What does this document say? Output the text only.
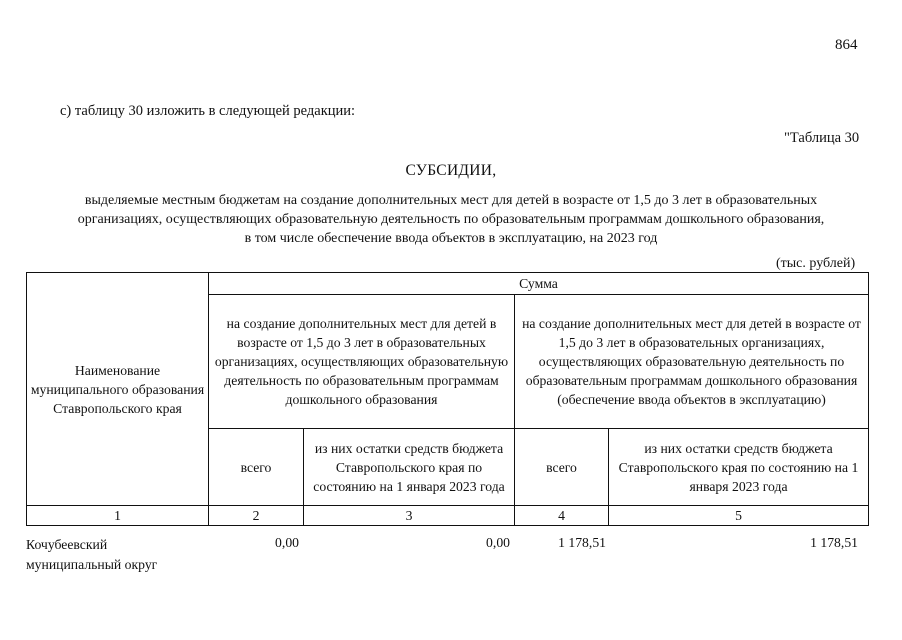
864
с) таблицу 30 изложить в следующей редакции:
"Таблица 30
СУБСИДИИ,
выделяемые местным бюджетам на создание дополнительных мест для детей в возрасте от 1,5 до 3 лет в образовательных
организациях, осуществляющих образовательную деятельность по образовательным программам дошкольного образования,
в том числе обеспечение ввода объектов в эксплуатацию, на 2023 год
(тыс. рублей)
Наименование муниципального образования Ставропольского края	Сумма			
	на создание дополнительных мест для детей в возрасте от 1,5 до 3 лет в образовательных организациях, осуществляющих образовательную деятельность по образовательным программам дошкольного образования		на создание дополнительных мест для детей в возрасте от 1,5 до 3 лет в образовательных организациях, осуществляющих образовательную деятельность по образовательным программам дошкольного образования (обеспечение ввода объектов в эксплуатацию)	
	всего	из них остатки средств бюджета Ставропольского края по состоянию на 1 января 2023 года	всего	из них остатки средств бюджета Ставропольского края по состоянию на 1 января 2023 года
1	2	3	4	5
Кочубеевский
муниципальный округ
0,00	0,00	1 178,51	1 178,51
